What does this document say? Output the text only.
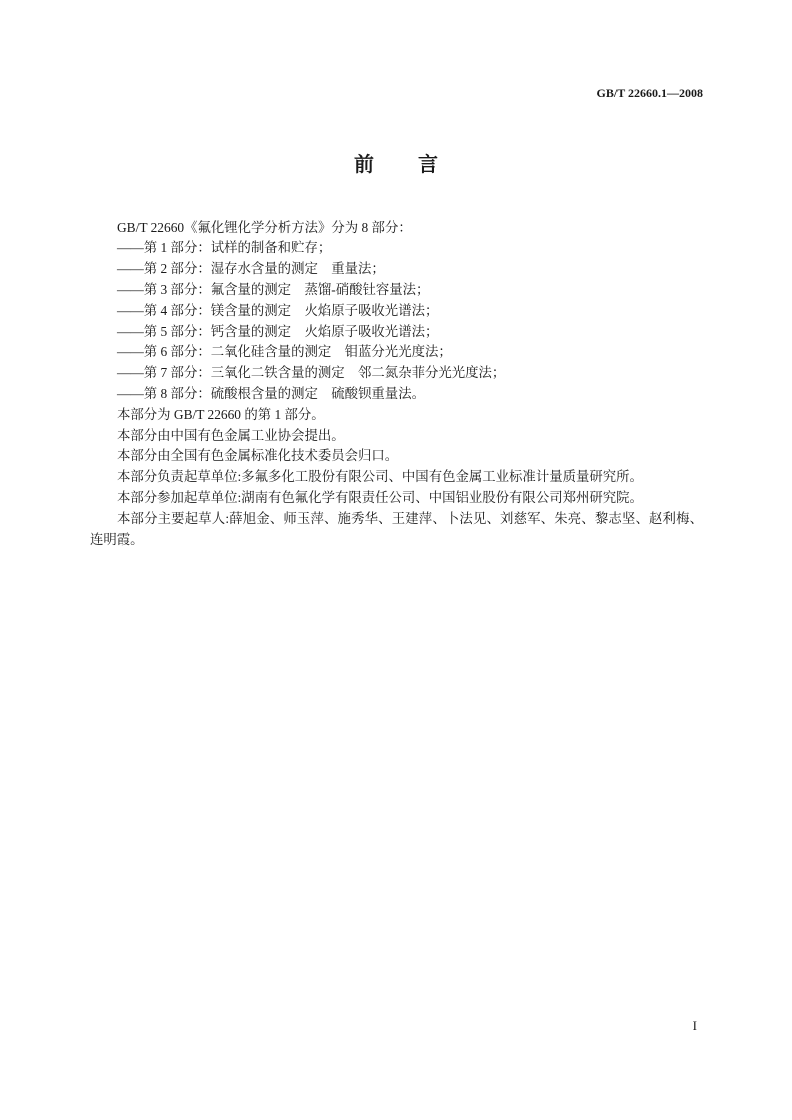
GB/T 22660.1—2008
前　言
GB/T 22660《氟化锂化学分析方法》分为 8 部分：
——第 1 部分：试样的制备和贮存；
——第 2 部分：湿存水含量的测定　重量法；
——第 3 部分：氟含量的测定　蒸馏-硝酸钍容量法；
——第 4 部分：镁含量的测定　火焰原子吸收光谱法；
——第 5 部分：钙含量的测定　火焰原子吸收光谱法；
——第 6 部分：二氧化硅含量的测定　钼蓝分光光度法；
——第 7 部分：三氧化二铁含量的测定　邻二氮杂菲分光光度法；
——第 8 部分：硫酸根含量的测定　硫酸钡重量法。
本部分为 GB/T 22660 的第 1 部分。
本部分由中国有色金属工业协会提出。
本部分由全国有色金属标准化技术委员会归口。
本部分负责起草单位:多氟多化工股份有限公司、中国有色金属工业标准计量质量研究所。
本部分参加起草单位:湖南有色氟化学有限责任公司、中国铝业股份有限公司郑州研究院。
本部分主要起草人:薛旭金、师玉萍、施秀华、王建萍、卜法见、刘慈军、朱亮、黎志坚、赵利梅、
连明霞。
I
